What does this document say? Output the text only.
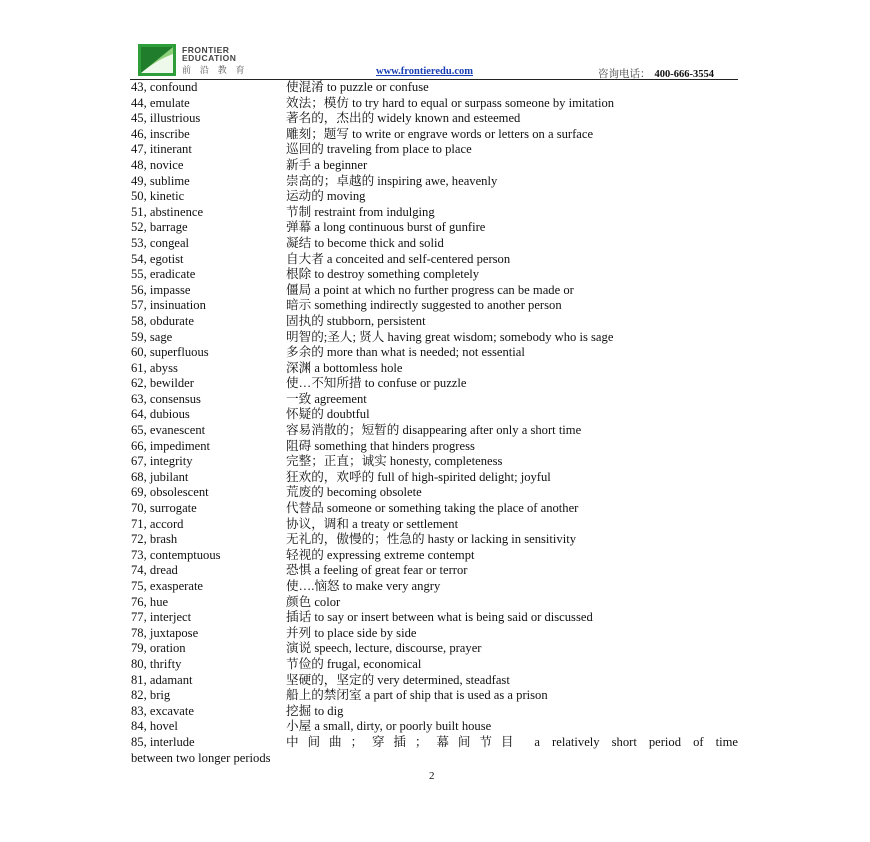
FRONTIER
EDUCATION
前 沿 教 育	www.frontieredu.com	咨询电话： 400-666-3554
43, confound	使混淆 to puzzle or confuse
44, emulate	效法；模仿 to try hard to equal or surpass someone by imitation
45, illustrious	著名的，杰出的 widely known and esteemed
46, inscribe	雕刻；题写 to write or engrave words or letters on a surface
47, itinerant	巡回的 traveling from place to place
48, novice	新手 a beginner
49, sublime	崇高的；卓越的 inspiring awe, heavenly
50, kinetic	运动的 moving
51, abstinence	节制 restraint from indulging
52, barrage	弹幕 a long continuous burst of gunfire
53, congeal	凝结 to become thick and solid
54, egotist	自大者 a conceited and self-centered person
55, eradicate	根除 to destroy something completely
56, impasse	僵局 a point at which no further progress can be made or
57, insinuation	暗示 something indirectly suggested to another person
58, obdurate	固执的 stubborn, persistent
59, sage	明智的;圣人; 贤人 having great wisdom; somebody who is sage
60, superfluous	多余的 more than what is needed; not essential
61, abyss	深渊 a bottomless hole
62, bewilder	使…不知所措 to confuse or puzzle
63, consensus	一致 agreement
64, dubious	怀疑的 doubtful
65, evanescent	容易消散的；短暂的 disappearing after only a short time
66, impediment	阻碍 something that hinders progress
67, integrity	完整；正直；诚实 honesty, completeness
68, jubilant	狂欢的，欢呼的 full of high-spirited delight; joyful
69, obsolescent	荒废的 becoming obsolete
70, surrogate	代替品 someone or something taking the place of another
71, accord	协议，调和 a treaty or settlement
72, brash	无礼的，傲慢的；性急的 hasty or lacking in sensitivity
73, contemptuous	轻视的 expressing extreme contempt
74, dread	恐惧 a feeling of great fear or terror
75, exasperate	使….恼怒 to make very angry
76, hue	颜色 color
77, interject	插话 to say or insert between what is being said or discussed
78, juxtapose	并列 to place side by side
79, oration	演说 speech, lecture, discourse, prayer
80, thrifty	节俭的 frugal, economical
81, adamant	坚硬的，坚定的 very determined, steadfast
82, brig	船上的禁闭室 a part of ship that is used as a prison
83, excavate	挖掘 to dig
84, hovel	小屋 a small, dirty, or poorly built house
85, interlude	中间曲；穿插；幕间节目 a relatively short period of time
between two longer periods
2
